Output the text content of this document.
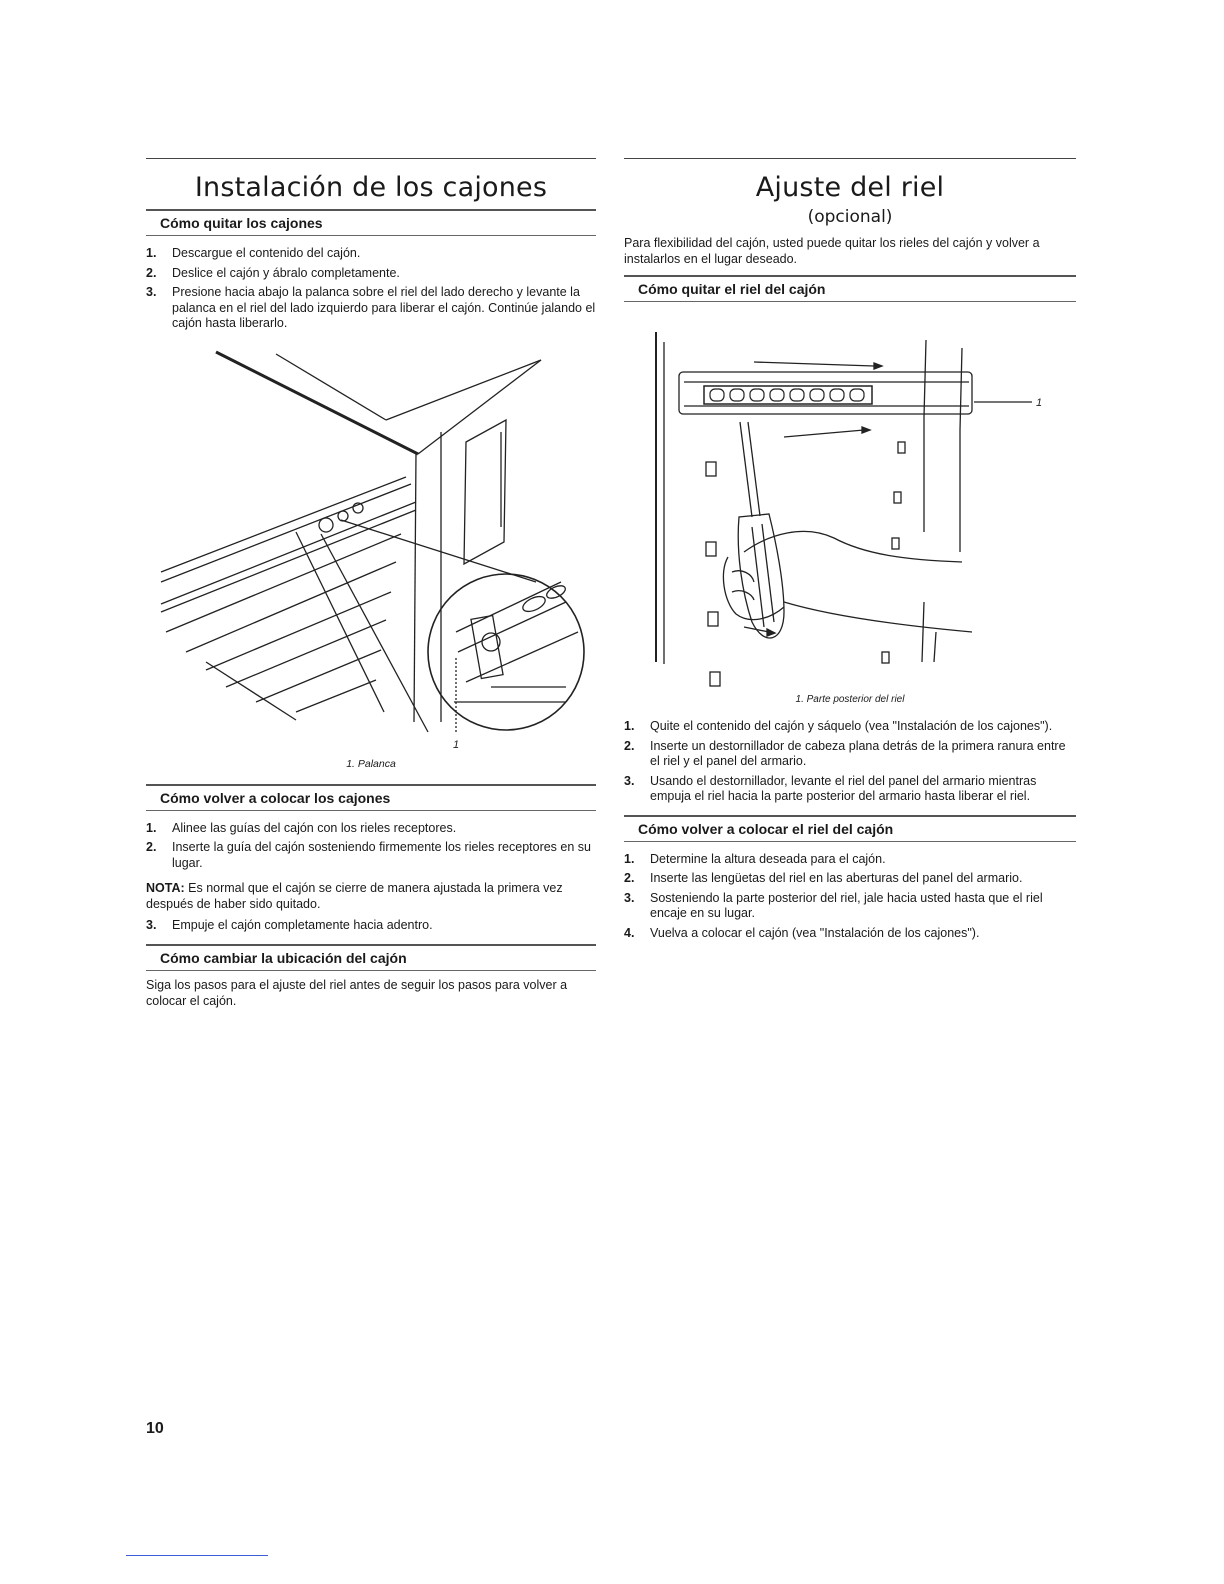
Instalación de los cajones
Cómo quitar los cajones
1. Descargue el contenido del cajón.
2. Deslice el cajón y ábralo completamente.
3. Presione hacia abajo la palanca sobre el riel del lado derecho y levante la palanca en el riel del lado izquierdo para liberar el cajón. Continúe jalando el cajón hasta liberarlo.
1
1. Palanca
Cómo volver a colocar los cajones
1. Alinee las guías del cajón con los rieles receptores.
2. Inserte la guía del cajón sosteniendo firmemente los rieles receptores en su lugar.
NOTA: Es normal que el cajón se cierre de manera ajustada la primera vez después de haber sido quitado.
3. Empuje el cajón completamente hacia adentro.
Cómo cambiar la ubicación del cajón

Siga los pasos para el ajuste del riel antes de seguir los pasos para volver a colocar el cajón.

Ajuste del riel
(opcional)

Para flexibilidad del cajón, usted puede quitar los rieles del cajón y volver a instalarlos en el lugar deseado.

Cómo quitar el riel del cajón
1
1. Parte posterior del riel
1. Quite el contenido del cajón y sáquelo (vea "Instalación de los cajones").
2. Inserte un destornillador de cabeza plana detrás de la primera ranura entre el riel y el panel del armario.
3. Usando el destornillador, levante el riel del panel del armario mientras empuja el riel hacia la parte posterior del armario hasta liberar el riel.
Cómo volver a colocar el riel del cajón
1. Determine la altura deseada para el cajón.
2. Inserte las lengüetas del riel en las aberturas del panel del armario.
3. Sosteniendo la parte posterior del riel, jale hacia usted hasta que el riel encaje en su lugar.
4. Vuelva a colocar el cajón (vea "Instalación de los cajones").
10
